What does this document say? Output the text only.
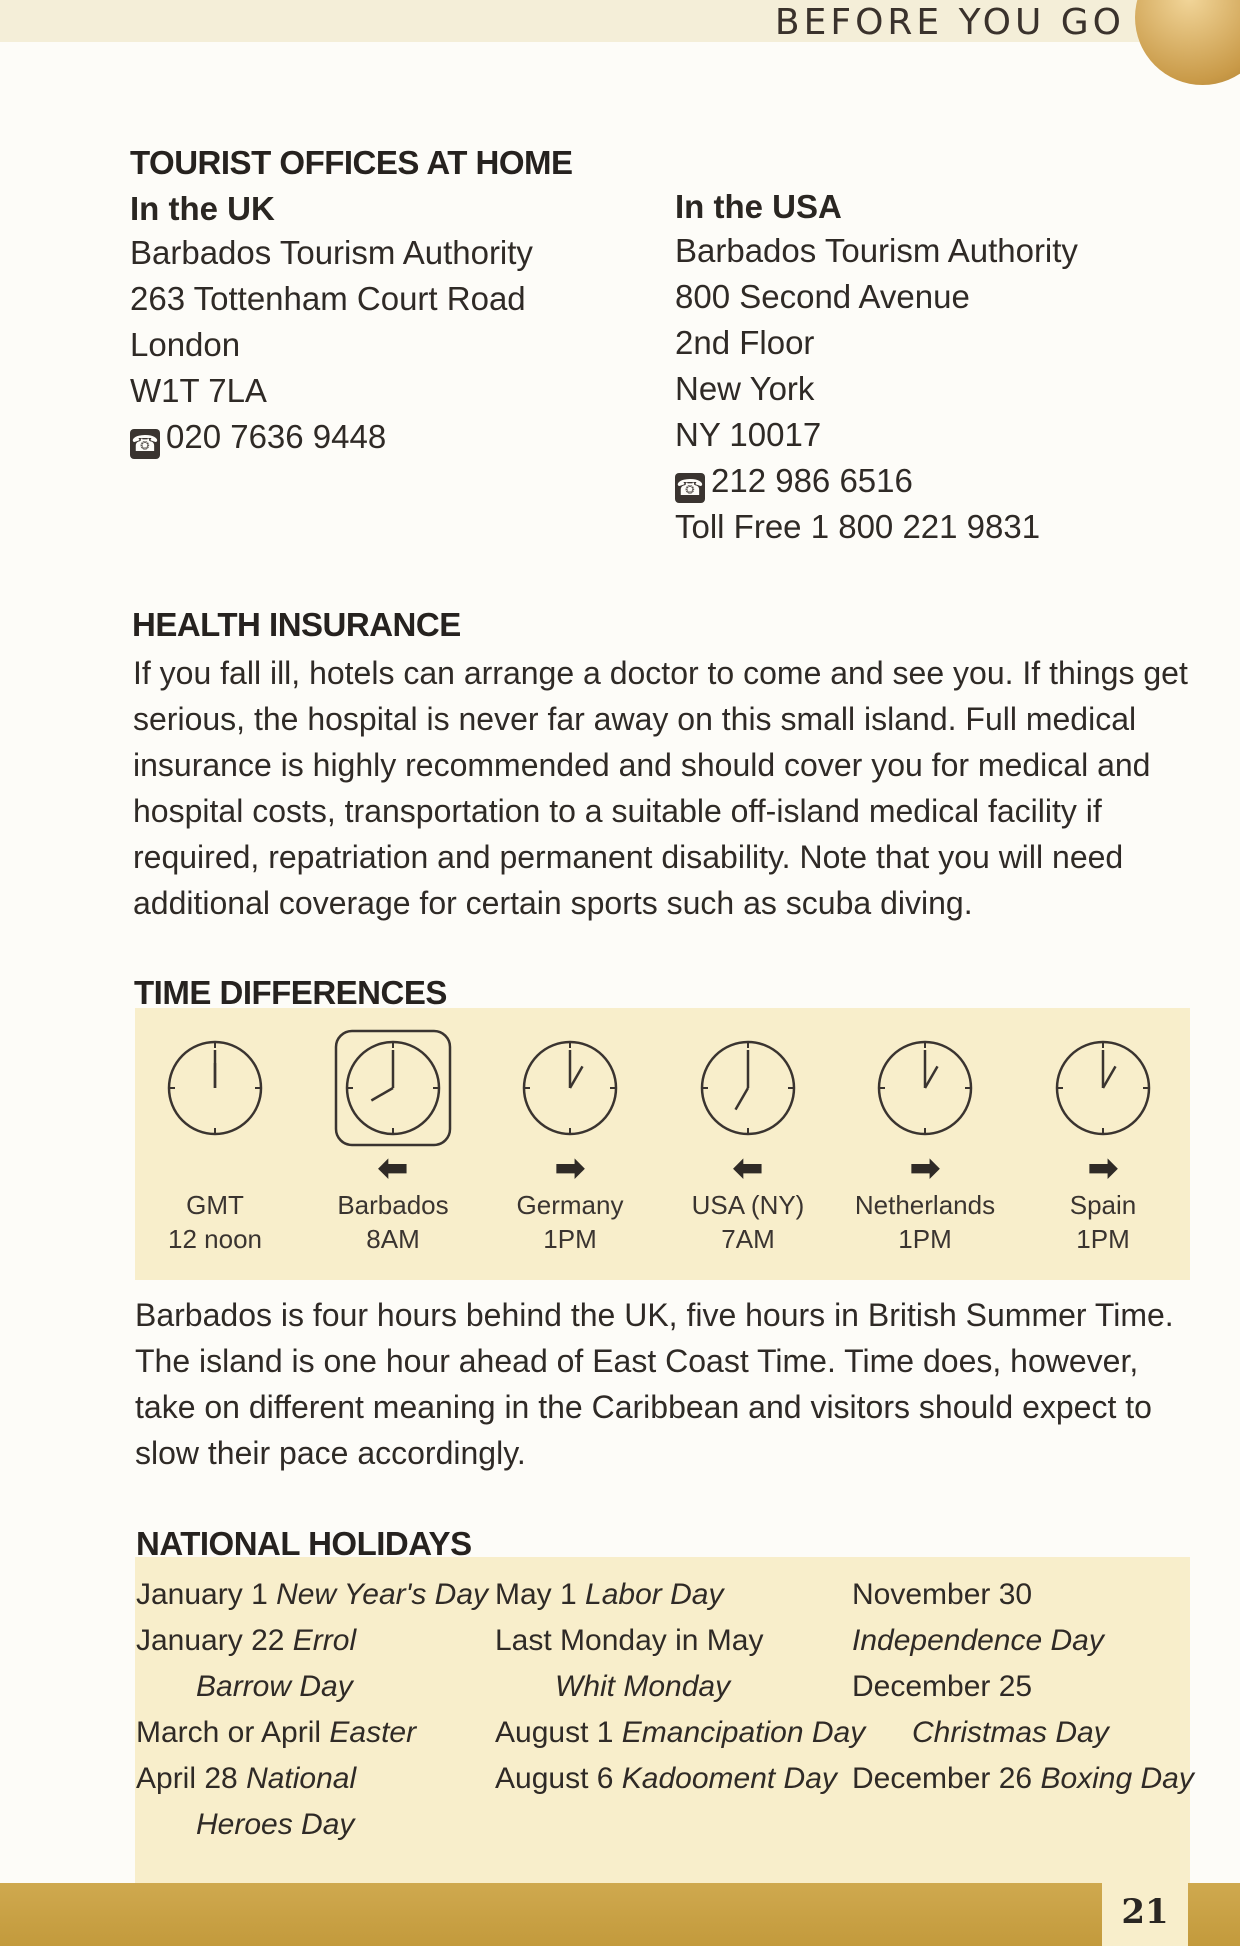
BEFORE YOU GO
TOURIST OFFICES AT HOME
In the UK
Barbados Tourism Authority
263 Tottenham Court Road
London
W1T 7LA
☎ 020 7636 9448
In the USA
Barbados Tourism Authority
800 Second Avenue
2nd Floor
New York
NY 10017
☎ 212 986 6516
Toll Free 1 800 221 9831
HEALTH INSURANCE
If you fall ill, hotels can arrange a doctor to come and see you. If things get
serious, the hospital is never far away on this small island. Full medical
insurance is highly recommended and should cover you for medical and
hospital costs, transportation to a suitable off-island medical facility if
required, repatriation and permanent disability. Note that you will need
additional coverage for certain sports such as scuba diving.
TIME DIFFERENCES
GMT
12 noon
⬅
Barbados
8AM
➡
Germany
1PM
⬅
USA (NY)
7AM
➡
Netherlands
1PM
➡
Spain
1PM
Barbados is four hours behind the UK, five hours in British Summer Time.
The island is one hour ahead of East Coast Time. Time does, however,
take on different meaning in the Caribbean and visitors should expect to
slow their pace accordingly.
NATIONAL HOLIDAYS
January 1 New Year's Day
January 22 Errol
Barrow Day
March or April Easter
April 28 National
Heroes Day
May 1 Labor Day
Last Monday in May
Whit Monday
August 1 Emancipation Day
August 6 Kadooment Day
November 30
Independence Day
December 25
Christmas Day
December 26 Boxing Day
21
